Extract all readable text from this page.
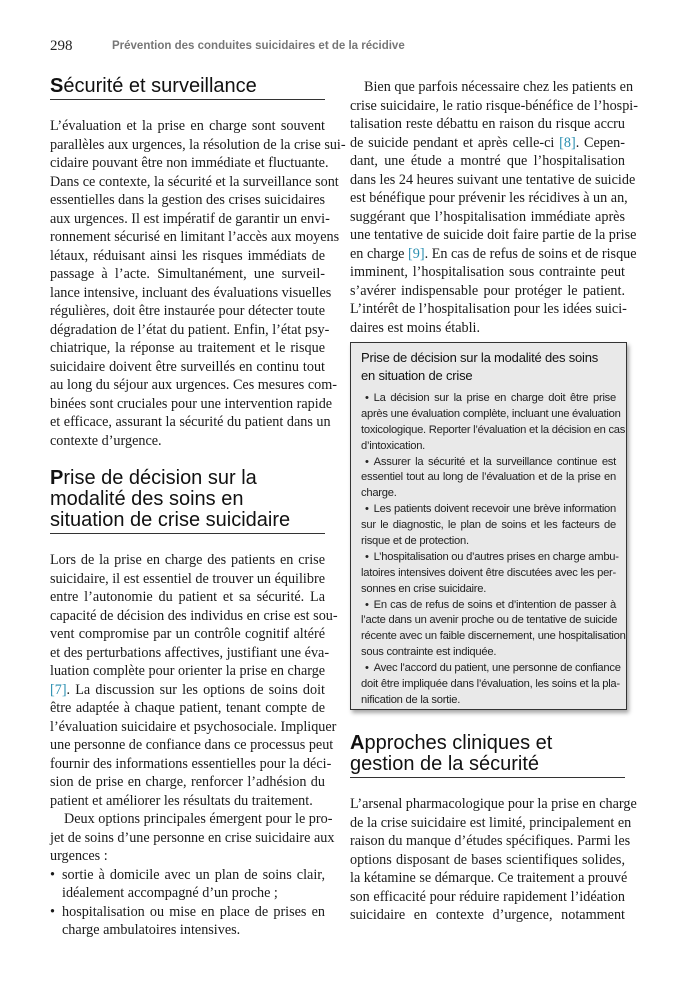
298	Prévention des conduites suicidaires et de la récidive
Sécurité et surveillance
L’évaluation et la prise en charge sont souvent
parallèles aux urgences, la résolution de la crise sui-
cidaire pouvant être non immédiate et fluctuante.
Dans ce contexte, la sécurité et la surveillance sont
essentielles dans la gestion des crises suicidaires
aux urgences. Il est impératif de garantir un envi-
ronnement sécurisé en limitant l’accès aux moyens
létaux, réduisant ainsi les risques immédiats de
passage à l’acte. Simultanément, une surveil-
lance intensive, incluant des évaluations visuelles
régulières, doit être instaurée pour détecter toute
dégradation de l’état du patient. Enfin, l’état psy-
chiatrique, la réponse au traitement et le risque
suicidaire doivent être surveillés en continu tout
au long du séjour aux urgences. Ces mesures com-
binées sont cruciales pour une intervention rapide
et efficace, assurant la sécurité du patient dans un
contexte d’urgence.
Prise de décision sur la
modalité des soins en
situation de crise suicidaire
Lors de la prise en charge des patients en crise
suicidaire, il est essentiel de trouver un équilibre
entre l’autonomie du patient et sa sécurité. La
capacité de décision des individus en crise est sou-
vent compromise par un contrôle cognitif altéré
et des perturbations affectives, justifiant une éva-
luation complète pour orienter la prise en charge
[7]. La discussion sur les options de soins doit
être adaptée à chaque patient, tenant compte de
l’évaluation suicidaire et psychosociale. Impliquer
une personne de confiance dans ce processus peut
fournir des informations essentielles pour la déci-
sion de prise en charge, renforcer l’adhésion du
patient et améliorer les résultats du traitement.
Deux options principales émergent pour le pro-
jet de soins d’une personne en crise suicidaire aux
urgences :
• sortie à domicile avec un plan de soins clair,
idéalement accompagné d’un proche ;
• hospitalisation ou mise en place de prises en
charge ambulatoires intensives.
Bien que parfois nécessaire chez les patients en
crise suicidaire, le ratio risque-bénéfice de l’hospi-
talisation reste débattu en raison du risque accru
de suicide pendant et après celle-ci [8]. Cepen-
dant, une étude a montré que l’hospitalisation
dans les 24 heures suivant une tentative de suicide
est bénéfique pour prévenir les récidives à un an,
suggérant que l’hospitalisation immédiate après
une tentative de suicide doit faire partie de la prise
en charge [9]. En cas de refus de soins et de risque
imminent, l’hospitalisation sous contrainte peut
s’avérer indispensable pour protéger le patient.
L’intérêt de l’hospitalisation pour les idées suici-
daires est moins établi.
Prise de décision sur la modalité des soins
en situation de crise
• La décision sur la prise en charge doit être prise
après une évaluation complète, incluant une évaluation
toxicologique. Reporter l’évaluation et la décision en cas
d’intoxication.
• Assurer la sécurité et la surveillance continue est
essentiel tout au long de l’évaluation et de la prise en
charge.
• Les patients doivent recevoir une brève information
sur le diagnostic, le plan de soins et les facteurs de
risque et de protection.
• L’hospitalisation ou d’autres prises en charge ambu-
latoires intensives doivent être discutées avec les per-
sonnes en crise suicidaire.
• En cas de refus de soins et d’intention de passer à
l’acte dans un avenir proche ou de tentative de suicide
récente avec un faible discernement, une hospitalisation
sous contrainte est indiquée.
• Avec l’accord du patient, une personne de confiance
doit être impliquée dans l’évaluation, les soins et la pla-
nification de la sortie.
Approches cliniques et
gestion de la sécurité
L’arsenal pharmacologique pour la prise en charge
de la crise suicidaire est limité, principalement en
raison du manque d’études spécifiques. Parmi les
options disposant de bases scientifiques solides,
la kétamine se démarque. Ce traitement a prouvé
son efficacité pour réduire rapidement l’idéation
suicidaire en contexte d’urgence, notamment
